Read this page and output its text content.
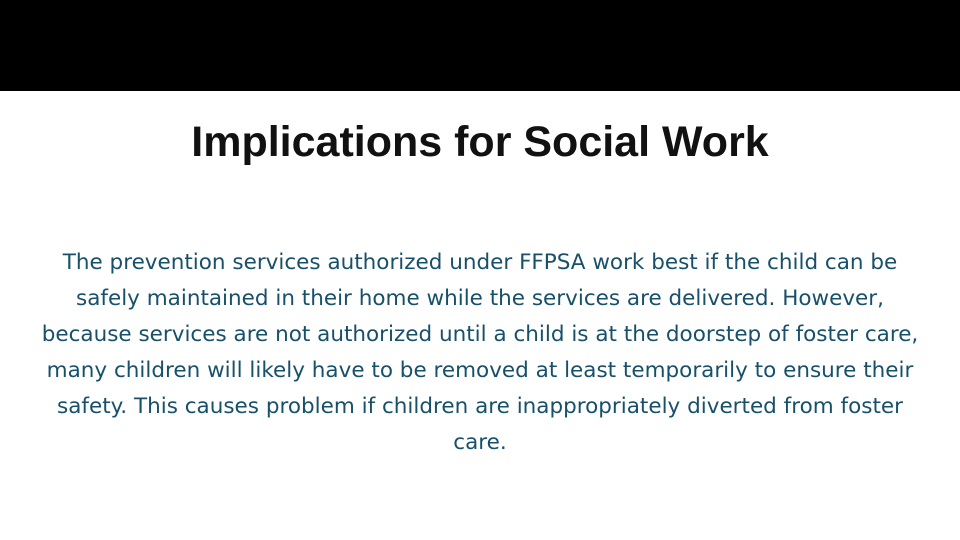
Implications for Social Work

The prevention services authorized under FFPSA work best if the child can be safely maintained in their home while the services are delivered. However, because services are not authorized until a child is at the doorstep of foster care, many children will likely have to be removed at least temporarily to ensure their safety. This causes problem if children are inappropriately diverted from foster care.
